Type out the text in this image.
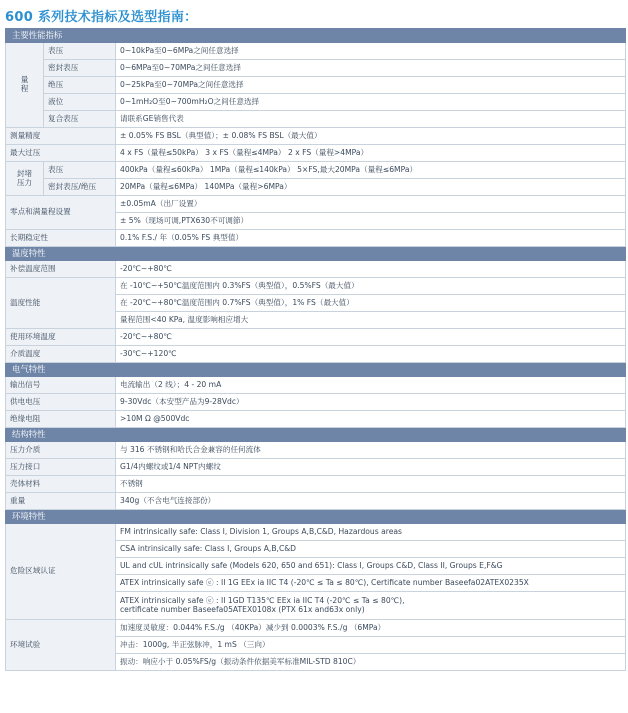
600 系列技术指标及选型指南：
主要性能指标		
量
程	表压	0~10kPa至0~6MPa之间任意选择
	密封表压	0~6MPa至0~70MPa之间任意选择
	绝压	0~25kPa至0~70MPa之间任意选择
	液位	0~1mH₂O至0~700mH₂O之间任意选择
	复合表压	请联系GE销售代表
测量精度		± 0.05% FS BSL（典型值）；± 0.08% FS BSL（最大值）
最大过压		4 x FS（量程≤50kPa） 3 x FS（量程≤4MPa） 2 x FS（量程>4MPa）
封堵
压力	表压	400kPa（量程≤60kPa） 1MPa（量程≤140kPa） 5×FS,最大20MPa（量程≤6MPa）
	密封表压/绝压	20MPa（量程≤6MPa） 140MPa（量程>6MPa）
零点和满量程设置		±0.05mA（出厂设置）
		± 5%（现场可调,PTX630不可调節）
长期稳定性		0.1% F.S./ 年（0.05% FS 典型值）
温度特性		
补偿温度范围		-20℃~+80℃
温度性能		在 -10℃~+50℃温度范围内 0.3%FS（典型值），0.5%FS（最大值）
		在 -20℃~+80℃温度范围内 0.7%FS（典型值），1% FS（最大值）
		量程范围<40 KPa, 温度影响相应增大
使用环境温度		-20℃~+80℃
介质温度		-30℃~+120℃
电气特性		
输出信号		电流输出（2 线）；4 - 20 mA
供电电压		9-30Vdc（本安型产品为9-28Vdc）
绝缘电阻		>10M Ω @500Vdc
结构特性		
压力介质		与 316 不锈钢和哈氏合金兼容的任何流体
压力接口		G1/4内螺纹或1/4 NPT内螺纹
壳体材料		不锈钢
重量		340g（不含电气连接部份）
环境特性		
危险区域认证		FM intrinsically safe: Class I, Division 1, Groups A,B,C&D, Hazardous areas
		CSA intrinsically safe: Class I, Groups A,B,C&D
		UL and cUL intrinsically safe (Models 620, 650 and 651): Class I, Groups C&D, Class II, Groups E,F&G
		ATEX intrinsically safe ⓔ : II 1G EEx ia IIC T4 (-20℃ ≤ Ta ≤ 80℃), Certificate number Baseefa02ATEX0235X

		ATEX intrinsically safe ⓔ : II 1GD T135℃ EEx ia IIC T4 (-20℃ ≤ Ta ≤ 80℃),
certificate number Baseefa05ATEX0108x (PTX 61x and63x only)

环境试验		加速度灵敏度：0.044% F.S./g （40KPa）减少到 0.0003% F.S./g （6MPa）
		冲击：1000g, 半正弦脉冲，1 mS （三向）
		振动：响应小于 0.05%FS/g（振动条件依据美军标准MIL-STD 810C）
